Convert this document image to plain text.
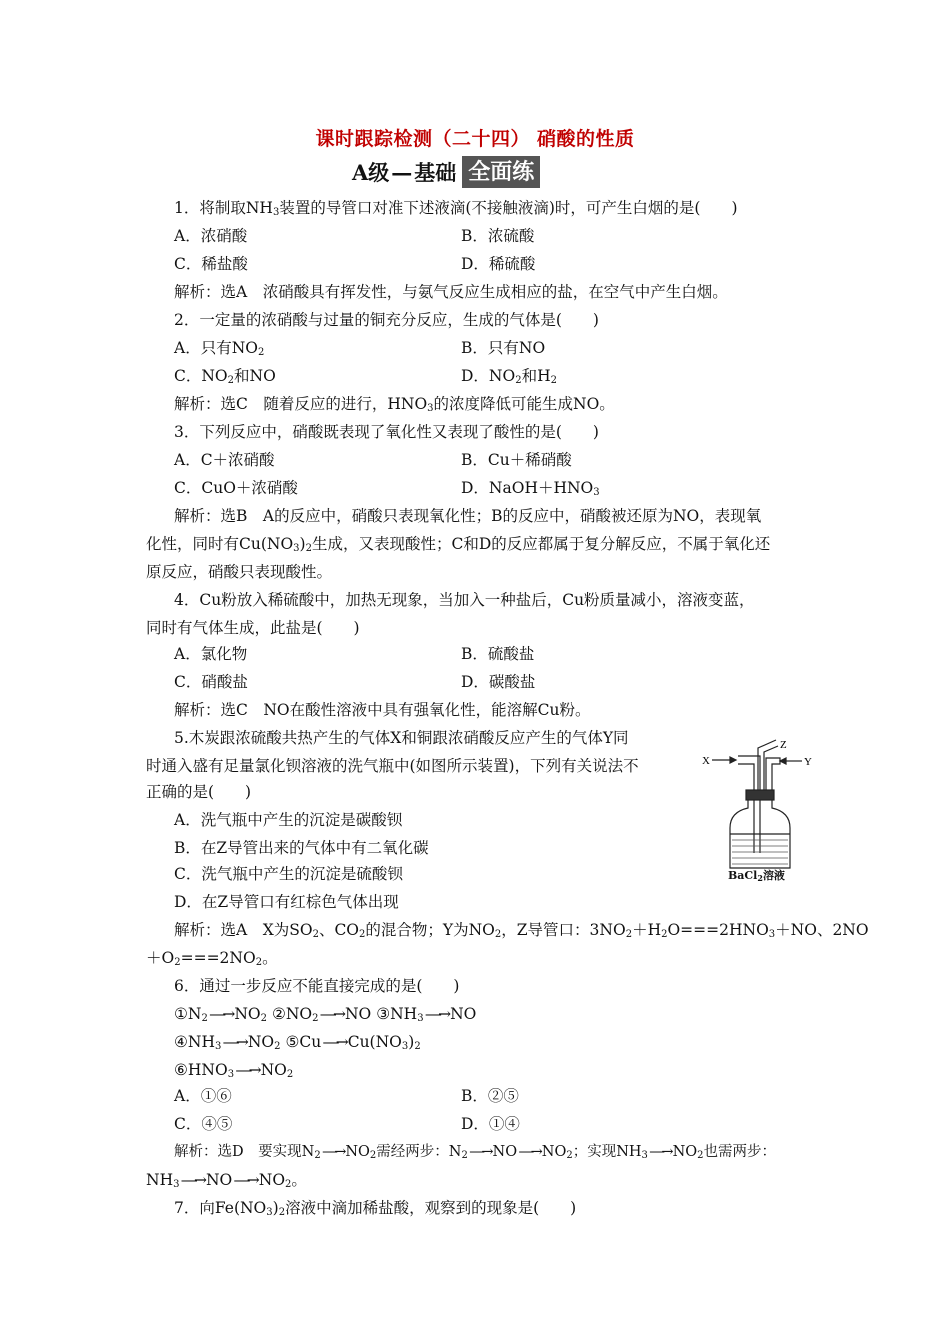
课时跟踪检测（二十四） 硝酸的性质
A级 — 基础 全面练
1．将制取$NH_3$装置的导管口对准下述液滴(不接触液滴)时，可产生白烟的是(　　)
A．浓硝酸	B．浓硫酸
C．稀盐酸	D．稀硫酸
解析：选A　浓硝酸具有挥发性，与氨气反应生成相应的盐，在空气中产生白烟。
2．一定量的浓硝酸与过量的铜充分反应，生成的气体是(　　)
A．只有$NO_2$	B．只有NO
C．$NO_2$和NO	D．$NO_2$和$H_2$
解析：选C　随着反应的进行，$HNO_3$的浓度降低可能生成NO。
3．下列反应中，硝酸既表现了氧化性又表现了酸性的是(　　)
A．C＋浓硝酸	B．Cu＋稀硝酸
C．CuO＋浓硝酸	D．$NaOH+HNO_3$
解析：选B　A的反应中，硝酸只表现氧化性；B的反应中，硝酸被还原为NO，表现氧
化性，同时有$Cu(NO_3)_2$生成，又表现酸性；C和D的反应都属于复分解反应，不属于氧化还
原反应，硝酸只表现酸性。
4．Cu粉放入稀硫酸中，加热无现象，当加入一种盐后，Cu粉质量减小，溶液变蓝，
同时有气体生成，此盐是(　　)
A．氯化物	B．硫酸盐
C．硝酸盐	D．碳酸盐
解析：选C　NO在酸性溶液中具有强氧化性，能溶解Cu粉。
5.木炭跟浓硫酸共热产生的气体X和铜跟浓硝酸反应产生的气体Y同
时通入盛有足量氯化钡溶液的洗气瓶中(如图所示装置)，下列有关说法不
正确的是(　　)
A．洗气瓶中产生的沉淀是碳酸钡
B．在Z导管出来的气体中有二氧化碳
C．洗气瓶中产生的沉淀是硫酸钡
D．在Z导管口有红棕色气体出现
解析：选A　X为$SO_2$、$CO_2$的混合物；Y为$NO_2$，Z导管口：$3NO_2+H_2O===2HNO_3+NO$、2NO
$+O_2===2NO_2$。
X	Y
Z
BaCl$_2$溶液
6．通过一步反应不能直接完成的是(　　)
$①N_2$ ―→ $NO_2$ $②NO_2$ ―→ NO $③NH_3$ ―→ NO
$④NH_3$ ―→ $NO_2$ ⑤Cu ―→ $Cu(NO_3)_2$
$⑥HNO_3$ ―→ $NO_2$
A．①⑥	B．②⑤
C．④⑤	D．①④
解析：选D　要实现$N_2$ ―→ $NO_2$需经两步：$N_2$ ―→ NO ―→ $NO_2$；实现$NH_3$ ―→ $NO_2$也需两步：
$NH_3$ ―→ NO ―→ $NO_2$。
7．向$Fe(NO_3)_2$溶液中滴加稀盐酸，观察到的现象是(　　)
